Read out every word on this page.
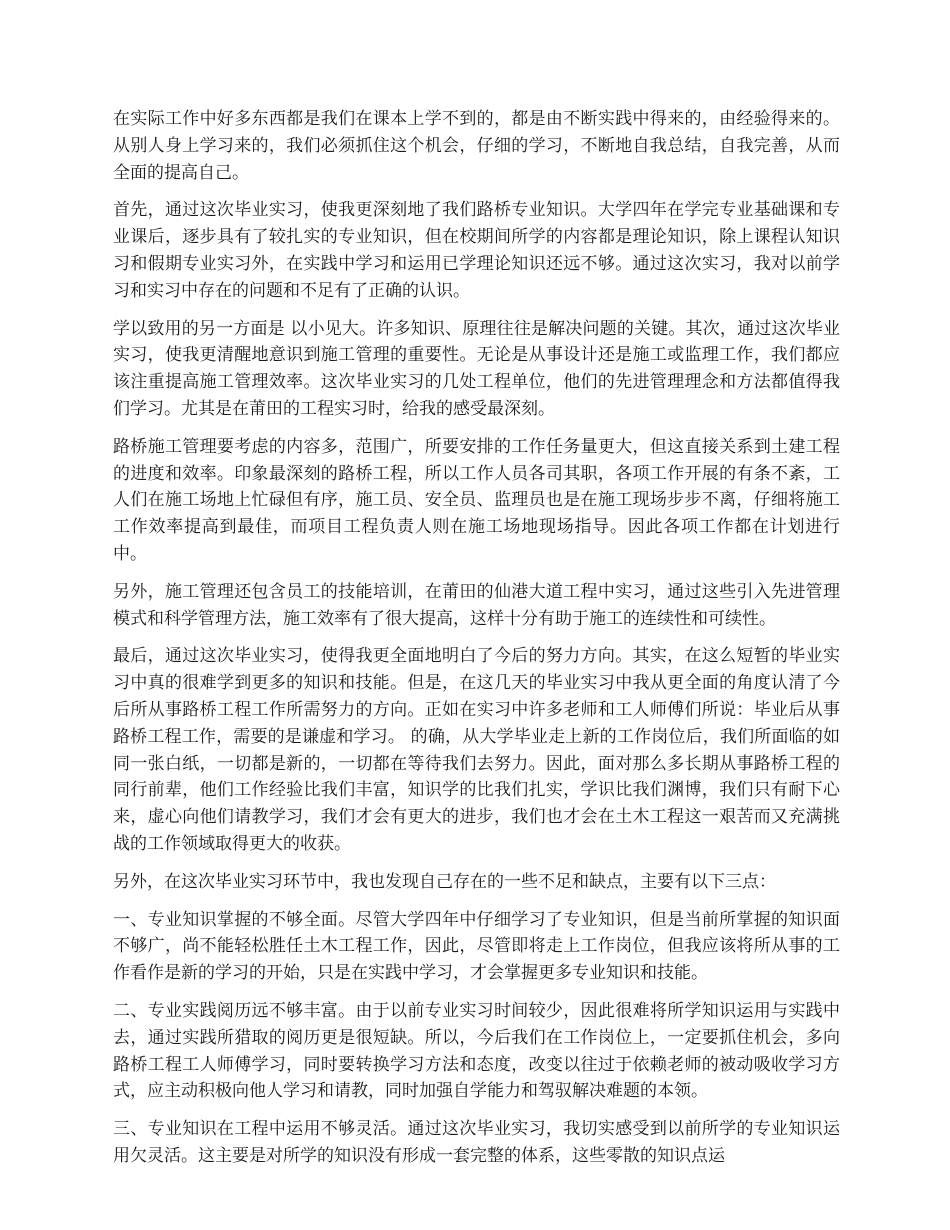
在实际工作中好多东西都是我们在课本上学不到的，都是由不断实践中得来的，由经验得来的。从别人身上学习来的，我们必须抓住这个机会，仔细的学习，不断地自我总结，自我完善，从而全面的提高自己。

首先，通过这次毕业实习，使我更深刻地了我们路桥专业知识。大学四年在学完专业基础课和专业课后，逐步具有了较扎实的专业知识，但在校期间所学的内容都是理论知识，除上课程认知识习和假期专业实习外，在实践中学习和运用已学理论知识还远不够。通过这次实习，我对以前学习和实习中存在的问题和不足有了正确的认识。

学以致用的另一方面是 以小见大。许多知识、原理往往是解决问题的关键。其次，通过这次毕业实习，使我更清醒地意识到施工管理的重要性。无论是从事设计还是施工或监理工作，我们都应该注重提高施工管理效率。这次毕业实习的几处工程单位，他们的先进管理理念和方法都值得我们学习。尤其是在莆田的工程实习时，给我的感受最深刻。

路桥施工管理要考虑的内容多，范围广，所要安排的工作任务量更大，但这直接关系到土建工程的进度和效率。印象最深刻的路桥工程，所以工作人员各司其职，各项工作开展的有条不紊，工人们在施工场地上忙碌但有序，施工员、安全员、监理员也是在施工现场步步不离，仔细将施工工作效率提高到最佳，而项目工程负责人则在施工场地现场指导。因此各项工作都在计划进行中。

另外，施工管理还包含员工的技能培训，在莆田的仙港大道工程中实习，通过这些引入先进管理模式和科学管理方法，施工效率有了很大提高，这样十分有助于施工的连续性和可续性。

最后，通过这次毕业实习，使得我更全面地明白了今后的努力方向。其实，在这么短暂的毕业实习中真的很难学到更多的知识和技能。但是，在这几天的毕业实习中我从更全面的角度认清了今后所从事路桥工程工作所需努力的方向。正如在实习中许多老师和工人师傅们所说：毕业后从事路桥工程工作，需要的是谦虚和学习。 的确，从大学毕业走上新的工作岗位后，我们所面临的如同一张白纸，一切都是新的，一切都在等待我们去努力。因此，面对那么多长期从事路桥工程的同行前辈，他们工作经验比我们丰富，知识学的比我们扎实，学识比我们渊博，我们只有耐下心来，虚心向他们请教学习，我们才会有更大的进步，我们也才会在土木工程这一艰苦而又充满挑战的工作领域取得更大的收获。

另外，在这次毕业实习环节中，我也发现自己存在的一些不足和缺点，主要有以下三点：

一、专业知识掌握的不够全面。尽管大学四年中仔细学习了专业知识，但是当前所掌握的知识面不够广，尚不能轻松胜任土木工程工作，因此，尽管即将走上工作岗位，但我应该将所从事的工作看作是新的学习的开始，只是在实践中学习，才会掌握更多专业知识和技能。

二、专业实践阅历远不够丰富。由于以前专业实习时间较少，因此很难将所学知识运用与实践中去，通过实践所猎取的阅历更是很短缺。所以，今后我们在工作岗位上，一定要抓住机会，多向路桥工程工人师傅学习，同时要转换学习方法和态度，改变以往过于依赖老师的被动吸收学习方式，应主动积极向他人学习和请教，同时加强自学能力和驾驭解决难题的本领。

三、专业知识在工程中运用不够灵活。通过这次毕业实习，我切实感受到以前所学的专业知识运用欠灵活。这主要是对所学的知识没有形成一套完整的体系，这些零散的知识点运
